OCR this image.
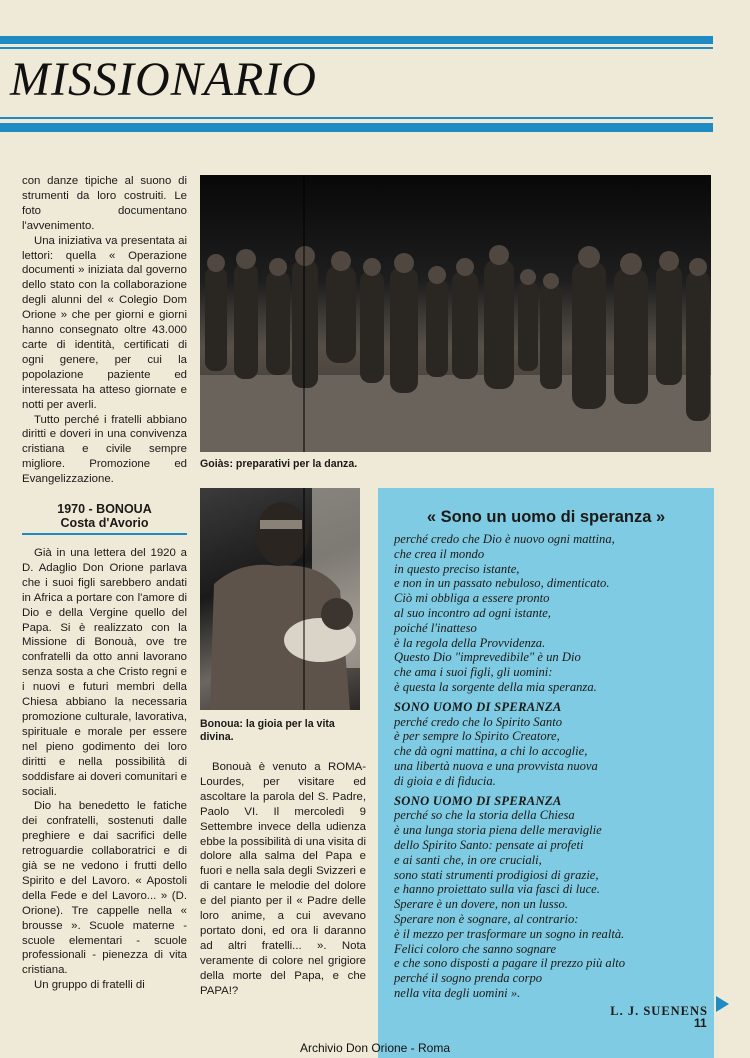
MISSIONARIO

con danze tipiche al suono di strumenti da loro costruiti. Le foto documentano l'avvenimento.

Una iniziativa va presentata ai lettori: quella « Operazione documenti » iniziata dal governo dello stato con la collaborazione degli alunni del « Colegio Dom Orione » che per giorni e giorni hanno consegnato oltre 43.000 carte di identità, certificati di ogni genere, per cui la popolazione paziente ed interessata ha atteso giornate e notti per averli.

Tutto perché i fratelli abbiano diritti e doveri in una convivenza cristiana e civile sempre migliore. Promozione ed Evangelizzazione.

1970 - BONOUA
Costa d'Avorio

Già in una lettera del 1920 a D. Adaglio Don Orione parlava che i suoi figli sarebbero andati in Africa a portare con l'amore di Dio e della Vergine quello del Papa. Si è realizzato con la Missione di Bonouà, ove tre confratelli da otto anni lavorano senza sosta a che Cristo regni e i nuovi e futuri membri della Chiesa abbiano la necessaria promozione culturale, lavorativa, spirituale e morale per essere nel pieno godimento dei loro diritti e nella possibilità di soddisfare ai doveri comunitari e sociali.

Dio ha benedetto le fatiche dei confratelli, sostenuti dalle preghiere e dai sacrifici delle retroguardie collaboratrici e di già se ne vedono i frutti dello Spirito e del Lavoro. « Apostoli della Fede e del Lavoro... » (D. Orione). Tre cappelle nella « brousse ». Scuole materne - scuole elementari - scuole professionali - pienezza di vita cristiana.

Un gruppo di fratelli di

Goiàs: preparativi per la danza.
Bonoua: la gioia per la vita divina.

Bonouà è venuto a ROMA-Lourdes, per visitare ed ascoltare la parola del S. Padre, Paolo VI. Il mercoledì 9 Settembre invece della udienza ebbe la possibilità di una visita di dolore alla salma del Papa e fuori e nella sala degli Svizzeri e di cantare le melodie del dolore e del pianto per il « Padre delle loro anime, a cui avevano portato doni, ed ora li daranno ad altri fratelli... ». Nota veramente di colore nel grigiore della morte del Papa, e che PAPA!?

« Sono un uomo di speranza »
perché credo che Dio è nuovo ogni mattina,
che crea il mondo
in questo preciso istante,
e non in un passato nebuloso, dimenticato.
Ciò mi obbliga a essere pronto
al suo incontro ad ogni istante,
poiché l'inatteso
è la regola della Provvidenza.
Questo Dio "imprevedibile" è un Dio
che ama i suoi figli, gli uomini:
è questa la sorgente della mia speranza.
SONO UOMO DI SPERANZA
perché credo che lo Spirito Santo
è per sempre lo Spirito Creatore,
che dà ogni mattina, a chi lo accoglie,
una libertà nuova e una provvista nuova
di gioia e di fiducia.
SONO UOMO DI SPERANZA
perché so che la storia della Chiesa
è una lunga storia piena delle meraviglie
dello Spirito Santo: pensate ai profeti
e ai santi che, in ore cruciali,
sono stati strumenti prodigiosi di grazie,
e hanno proiettato sulla via fasci di luce.
Sperare è un dovere, non un lusso.
Sperare non è sognare, al contrario:
è il mezzo per trasformare un sogno in realtà.
Felici coloro che sanno sognare
e che sono disposti a pagare il prezzo più alto
perché il sogno prenda corpo
nella vita degli uomini ».
L. J. SUENENS
11
Archivio Don Orione - Roma
